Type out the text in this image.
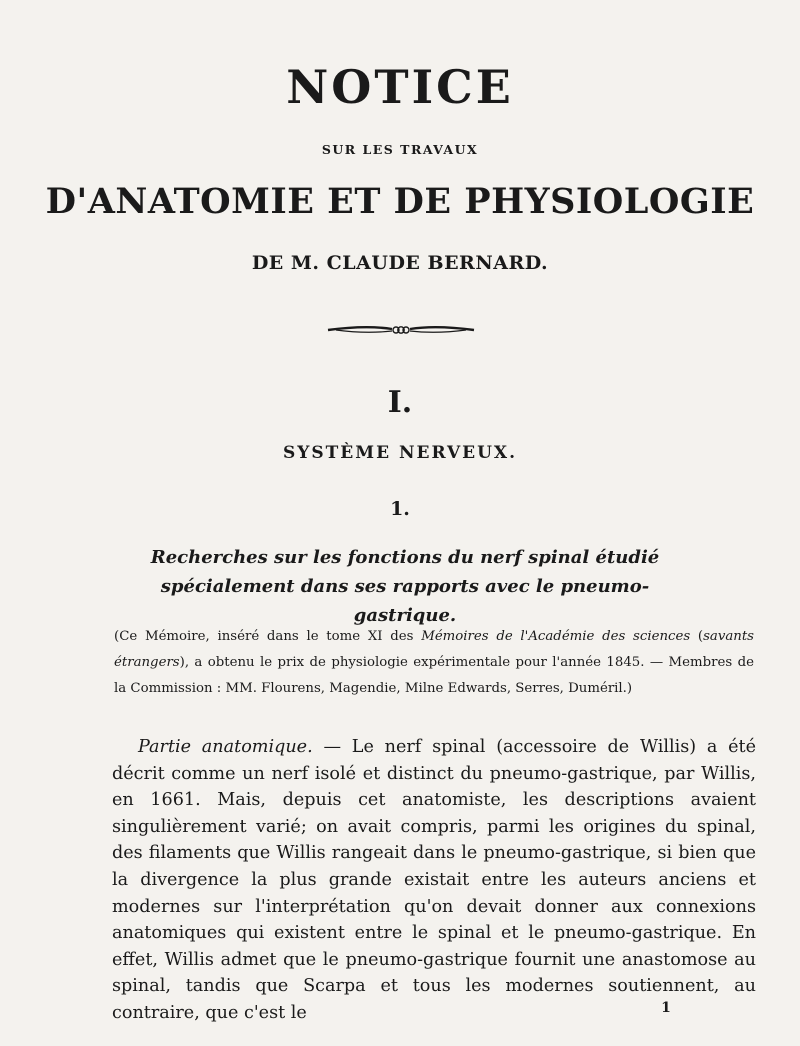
NOTICE
SUR LES TRAVAUX
D'ANATOMIE ET DE PHYSIOLOGIE
DE M. CLAUDE BERNARD.
I.
SYSTÈME NERVEUX.
1.
Recherches sur les fonctions du nerf spinal étudié spécialement dans ses rapports avec le pneumo-gastrique.
(Ce Mémoire, inséré dans le tome XI des Mémoires de l'Académie des sciences (savants étrangers), a obtenu le prix de physiologie expérimentale pour l'année 1845. — Membres de la Commission : MM. Flourens, Magendie, Milne Edwards, Serres, Duméril.)
Partie anatomique. — Le nerf spinal (accessoire de Willis) a été décrit comme un nerf isolé et distinct du pneumo-gastrique, par Willis, en 1661. Mais, depuis cet anatomiste, les descriptions avaient singulièrement varié; on avait compris, parmi les origines du spinal, des filaments que Willis rangeait dans le pneumo-gastrique, si bien que la divergence la plus grande existait entre les auteurs anciens et modernes sur l'interprétation qu'on devait donner aux connexions anatomiques qui existent entre le spinal et le pneumo-gastrique. En effet, Willis admet que le pneumo-gastrique fournit une anastomose au spinal, tandis que Scarpa et tous les modernes soutiennent, au contraire, que c'est le	1
